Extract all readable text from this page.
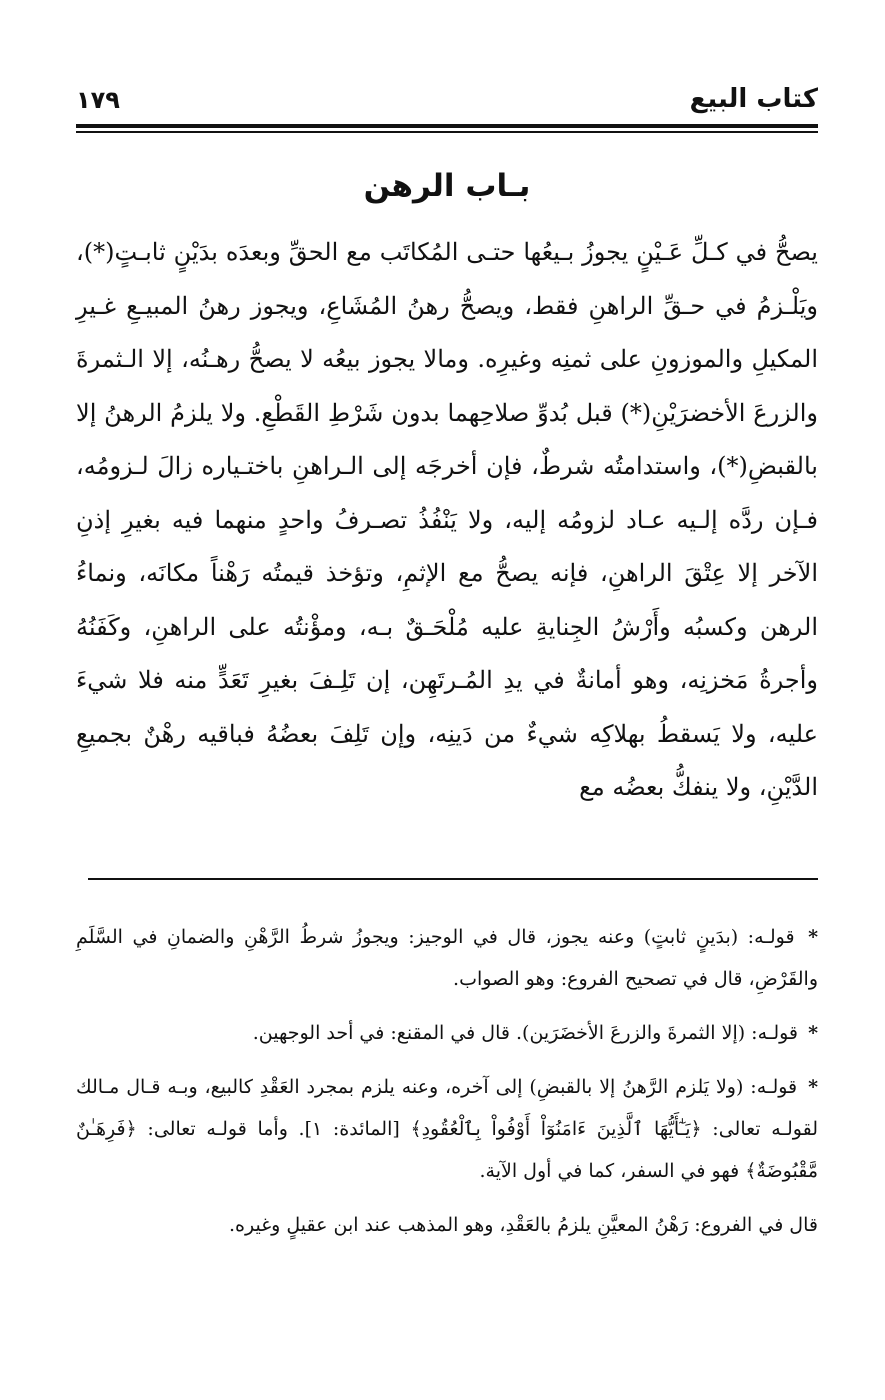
كتاب البيع
١٧٩
بـاب الرهن
يصحُّ في كـلِّ عَـيْنٍ يجوزُ بـيعُها حتـى المُكاتَب مع الحقِّ وبعدَه بدَيْنٍ ثابـتٍ(*)، ويَلْـزمُ في حـقِّ الراهنِ فقط، ويصحُّ رهنُ المُشَاعِ، ويجوز رهنُ المبيـعِ غـيرِ المكيلِ والموزونِ على ثمنِه وغيرِه. ومالا يجوز بيعُه لا يصحُّ رهـنُه، إلا الـثمرةَ والزرعَ الأخضرَيْنِ(*) قبل بُدوِّ صلاحِهما بدون شَرْطِ القَطْعِ. ولا يلزمُ الرهنُ إلا بالقبضِ(*)، واستدامتُه شرطٌ، فإن أخرجَه إلى الـراهنِ باختـياره زالَ لـزومُه، فـإن ردَّه إلـيه عـاد لزومُه إليه، ولا يَنْفُذُ تصـرفُ واحدٍ منهما فيه بغيرِ إذنِ الآخر إلا عِتْقَ الراهنِ، فإنه يصحُّ مع الإثمِ، وتؤخذ قيمتُه رَهْناً مكانَه، ونماءُ الرهن وكسبُه وأَرْشُ الجِنايةِ عليه مُلْحَـقٌ بـه، ومؤْنتُه على الراهنِ، وكَفَنُهُ وأجرةُ مَخزنِه، وهو أمانةٌ في يدِ المُـرتَهِن، إن تَلِـفَ بغيرِ تَعَدٍّ منه فلا شيءَ عليه، ولا يَسقطُ بهلاكِه شيءٌ من دَينِه، وإن تَلِفَ بعضُهُ فباقيه رهْنٌ بجميعِ الدَّيْنِ، ولا ينفكُّ بعضُه مع

* قولـه: (بدَينٍ ثابتٍ) وعنه يجوز، قال في الوجيز: ويجوزُ شرطُ الرَّهْنِ والضمانِ في السَّلَمِ والقَرْضِ، قال في تصحيح الفروع: وهو الصواب.

* قولـه: (إلا الثمرةَ والزرعَ الأخضَرَين). قال في المقنع: في أحد الوجهين.

* قولـه: (ولا يَلزم الرَّهنُ إلا بالقبضِ) إلى آخره، وعنه يلزم بمجرد العَقْدِ كالبيع، وبـه قـال مـالك لقولـه تعالى: ﴿يَـٰٓأَيُّهَا ٱلَّذِينَ ءَامَنُوٓاْ أَوْفُواْ بِٱلْعُقُودِ﴾ [المائدة: ١]. وأما قولـه تعالى: ﴿فَرِهَـٰنٌ مَّقْبُوضَةٌ﴾ فهو في السفر، كما في أول الآية.

قال في الفروع: رَهْنُ المعيَّنِ يلزمُ بالعَقْدِ، وهو المذهب عند ابن عقيلٍ وغيره.
